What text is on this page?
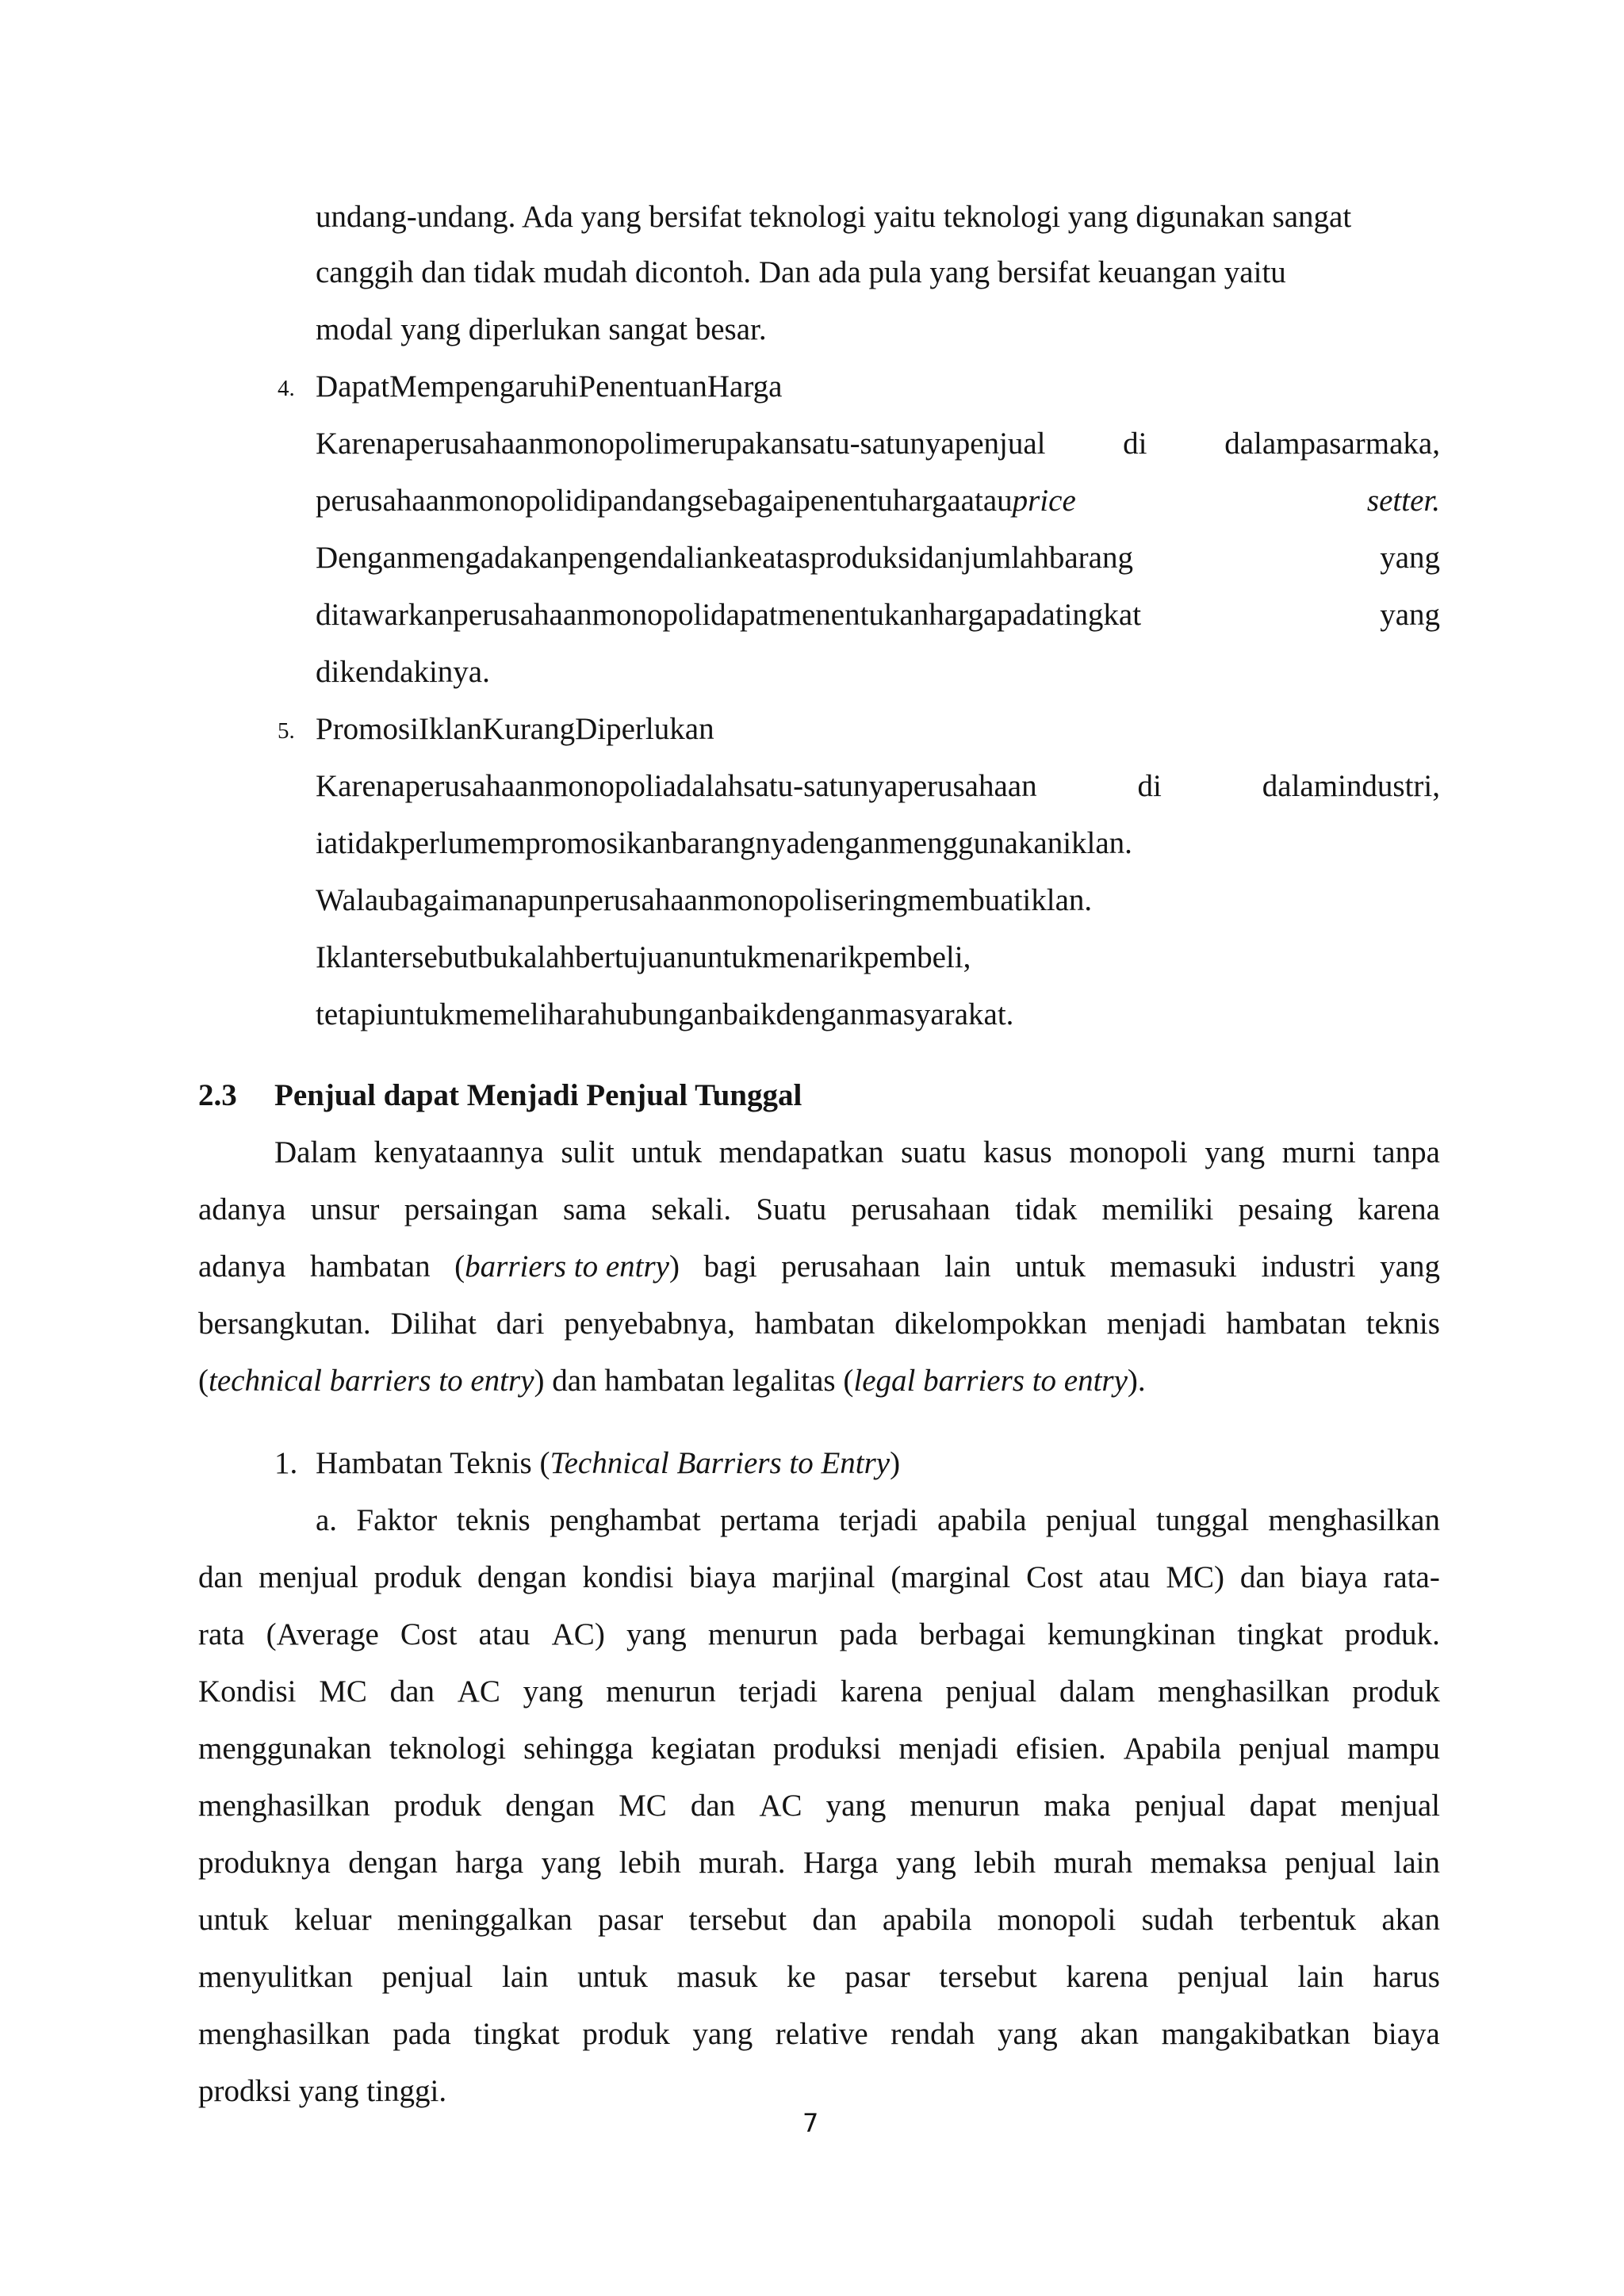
undang-undang. Ada yang bersifat teknologi yaitu teknologi yang digunakan sangat
canggih dan tidak mudah dicontoh. Dan ada pula yang bersifat keuangan yaitu
modal yang diperlukan sangat besar.
4. DapatMempengaruhiPenentuanHarga
Karenaperusahaanmonopolimerupakansatu-satunyapenjual	di	dalampasarmaka,
perusahaanmonopolidipandangsebagaipenentuhargaatauprice	setter.
Denganmengadakanpengendaliankeatasproduksidanjumlahbarang	yang
ditawarkanperusahaanmonopolidapatmenentukanhargapadatingkat	yang
dikendakinya.
5. PromosiIklanKurangDiperlukan
Karenaperusahaanmonopoliadalahsatu-satunyaperusahaan	di	dalamindustri,
iatidakperlumempromosikanbarangnyadenganmenggunakaniklan.
Walaubagaimanapunperusahaanmonopoliseringmembuatiklan.
Iklantersebutbukalahbertujuanuntukmenarikpembeli,
tetapiuntukmemeliharahubunganbaikdenganmasyarakat.
2.3 Penjual dapat Menjadi Penjual Tunggal
Dalam kenyataannya sulit untuk mendapatkan suatu kasus monopoli yang murni tanpa
adanya unsur persaingan sama sekali. Suatu perusahaan tidak memiliki pesaing karena
adanya hambatan (barriers to entry) bagi perusahaan lain untuk memasuki industri yang
bersangkutan. Dilihat dari penyebabnya, hambatan dikelompokkan menjadi hambatan teknis
(technical barriers to entry) dan hambatan legalitas (legal barriers to entry).
1. Hambatan Teknis (Technical Barriers to Entry)
a. Faktor teknis penghambat pertama terjadi apabila penjual tunggal menghasilkan
dan menjual produk dengan kondisi biaya marjinal (marginal Cost atau MC) dan biaya rata-
rata (Average Cost atau AC) yang menurun pada berbagai kemungkinan tingkat produk.
Kondisi MC dan AC yang menurun terjadi karena penjual dalam menghasilkan produk
menggunakan teknologi sehingga kegiatan produksi menjadi efisien. Apabila penjual mampu
menghasilkan produk dengan MC dan AC yang menurun maka penjual dapat menjual
produknya dengan harga yang lebih murah. Harga yang lebih murah memaksa penjual lain
untuk keluar meninggalkan pasar tersebut dan apabila monopoli sudah terbentuk akan
menyulitkan penjual lain untuk masuk ke pasar tersebut karena penjual lain harus
menghasilkan pada tingkat produk yang relative rendah yang akan mangakibatkan biaya
prodksi yang tinggi.
7
